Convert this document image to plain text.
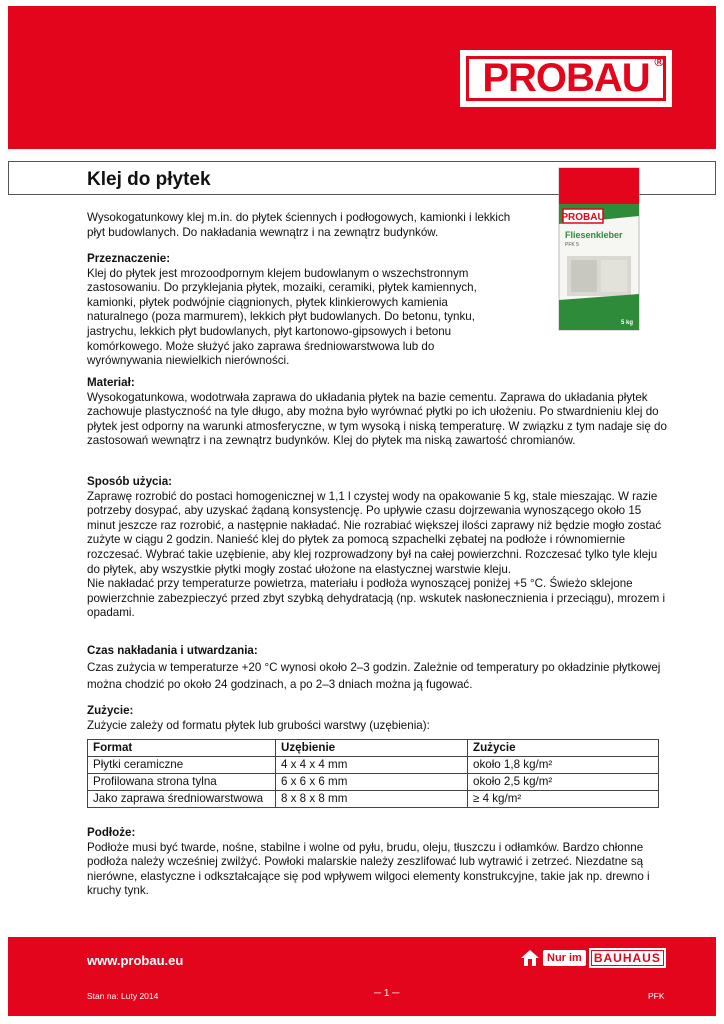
PROBAU ®
Klej do płytek
PROBAU
Fliesenkleber
PFK 5
5 kg

Wysokogatunkowy klej m.in. do płytek ściennych i podłogowych, kamionki i lekkich płyt budowlanych. Do nakładania wewnątrz i na zewnątrz budynków.

Przeznaczenie:

Klej do płytek jest mrozoodpornym klejem budowlanym o wszechstronnym zastosowaniu. Do przyklejania płytek, mozaiki, ceramiki, płytek kamiennych, kamionki, płytek podwójnie ciągnionych, płytek klinkierowych kamienia naturalnego (poza marmurem), lekkich płyt budowlanych. Do betonu, tynku, jastrychu, lekkich płyt budowlanych, płyt kartonowo-gipsowych i betonu komórkowego. Może służyć jako zaprawa średniowarstwowa lub do wyrównywania niewielkich nierówności.

Materiał:

Wysokogatunkowa, wodotrwała zaprawa do układania płytek na bazie cementu. Zaprawa do układania płytek zachowuje plastyczność na tyle długo, aby można było wyrównać płytki po ich ułożeniu. Po stwardnieniu klej do płytek jest odporny na warunki atmosferyczne, w tym wysoką i niską temperaturę. W związku z tym nadaje się do zastosowań wewnątrz i na zewnątrz budynków. Klej do płytek ma niską zawartość chromianów.

Sposób użycia:

Zaprawę rozrobić do postaci homogenicznej w 1,1 l czystej wody na opakowanie 5 kg, stale mieszając. W razie potrzeby dosypać, aby uzyskać żądaną konsystencję. Po upływie czasu dojrzewania wynoszącego około 15 minut jeszcze raz rozrobić, a następnie nakładać. Nie rozrabiać większej ilości zaprawy niż będzie mogło zostać zużyte w ciągu 2 godzin. Nanieść klej do płytek za pomocą szpachelki zębatej na podłoże i równomiernie rozczesać. Wybrać takie uzębienie, aby klej rozprowadzony był na całej powierzchni. Rozczesać tylko tyle kleju do płytek, aby wszystkie płytki mogły zostać ułożone na elastycznej warstwie kleju.

Nie nakładać przy temperaturze powietrza, materiału i podłoża wynoszącej poniżej +5 °C. Świeżo sklejone powierzchnie zabezpieczyć przed zbyt szybką dehydratacją (np. wskutek nasłonecznienia i przeciągu), mrozem i opadami.

Czas nakładania i utwardzania:

Czas zużycia w temperaturze +20 °C wynosi około 2–3 godzin. Zależnie od temperatury po okładzinie płytkowej można chodzić po około 24 godzinach, a po 2–3 dniach można ją fugować.

Zużycie:

Zużycie zależy od formatu płytek lub grubości warstwy (uzębienia):

Format	Uzębienie	Zużycie
Płytki ceramiczne	4 x 4 x 4 mm	około 1,8 kg/m²
Profilowana strona tylna	6 x 6 x 6 mm	około 2,5 kg/m²
Jako zaprawa średniowarstwowa	8 x 8 x 8 mm	≥ 4 kg/m²

Podłoże:

Podłoże musi być twarde, nośne, stabilne i wolne od pyłu, brudu, oleju, tłuszczu i odłamków. Bardzo chłonne podłoża należy wcześniej zwilżyć. Powłoki malarskie należy zeszlifować lub wytrawić i zetrzeć. Niezdatne są nierówne, elastyczne i odkształcające się pod wpływem wilgoci elementy konstrukcyjne, takie jak np. drewno i kruchy tynk.

www.probau.eu	Nur im	BAUHAUS
Stan na: Luty 2014	─ 1 ─	PFK
